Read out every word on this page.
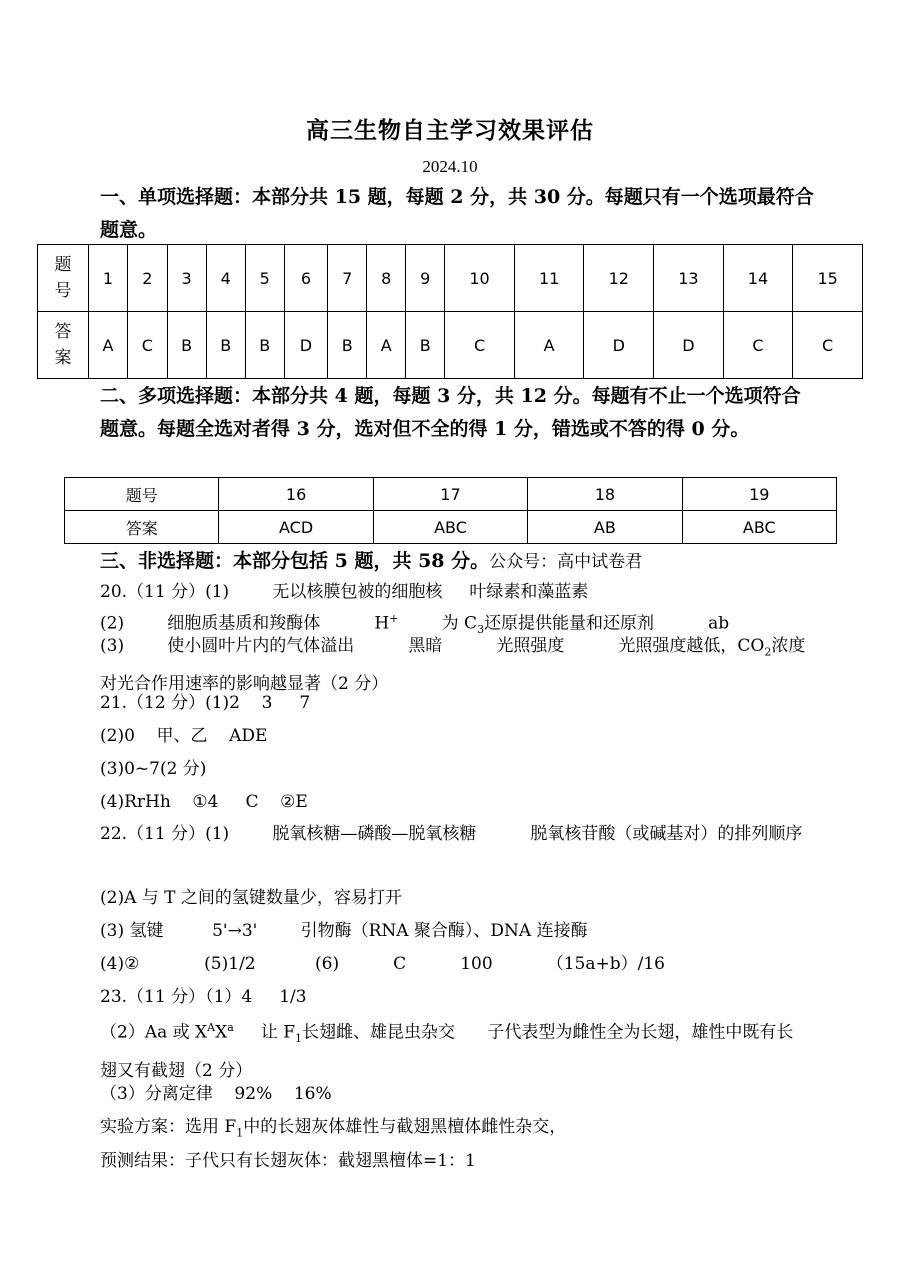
高三生物自主学习效果评估
2024.10
一、单项选择题：本部分共 15 题，每题 2 分，共 30 分。每题只有一个选项最符合题意。
题
号	1	2	3	4	5	6	7	8	9	10	11	12	13	14	15

答
案	A	C	B	B	B	D	B	A	B	C	A	D	D	C	C
二、多项选择题：本部分共 4 题，每题 3 分，共 12 分。每题有不止一个选项符合题意。每题全选对者得 3 分，选对但不全的得 1 分，错选或不答的得 0 分。
题号	16	17	18	19
答案	ACD	ABC	AB	ABC
三、非选择题：本部分包括 5 题，共 58 分。公众号：高中试卷君
20.（11 分）(1)        无以核膜包被的细胞核     叶绿素和藻蓝素
(2)        细胞质基质和羧酶体          H+        为 $C_3$还原提供能量和还原剂          ab
(3)        使小圆叶片内的气体溢出          黑暗          光照强度          光照强度越低，$CO_2$浓度对光合作用速率的影响越显著（2 分）
21.（12 分）(1)2    3     7
(2)0    甲、乙    ADE
(3)0~7(2 分)
(4)RrHh    ①4     C    ②E
22.（11 分）(1)        脱氧核糖—磷酸—脱氧核糖          脱氧核苷酸（或碱基对）的排列顺序
(2)A 与 T 之间的氢键数量少，容易打开
(3) 氢键         5'→3'        引物酶（RNA 聚合酶）、DNA 连接酶
(4)②            (5)1/2           (6)          C          100          （15a+b）/16
23.（11 分）（1）4     1/3
（2）Aa 或 $X^AX^a$     让 $F_1$长翅雌、雄昆虫杂交      子代表型为雌性全为长翅，雄性中既有长翅又有截翅（2 分）
（3）分离定律    92%    16%
实验方案：选用 $F_1$中的长翅灰体雄性与截翅黑檀体雌性杂交，
预测结果：子代只有长翅灰体：截翅黑檀体=1：1
